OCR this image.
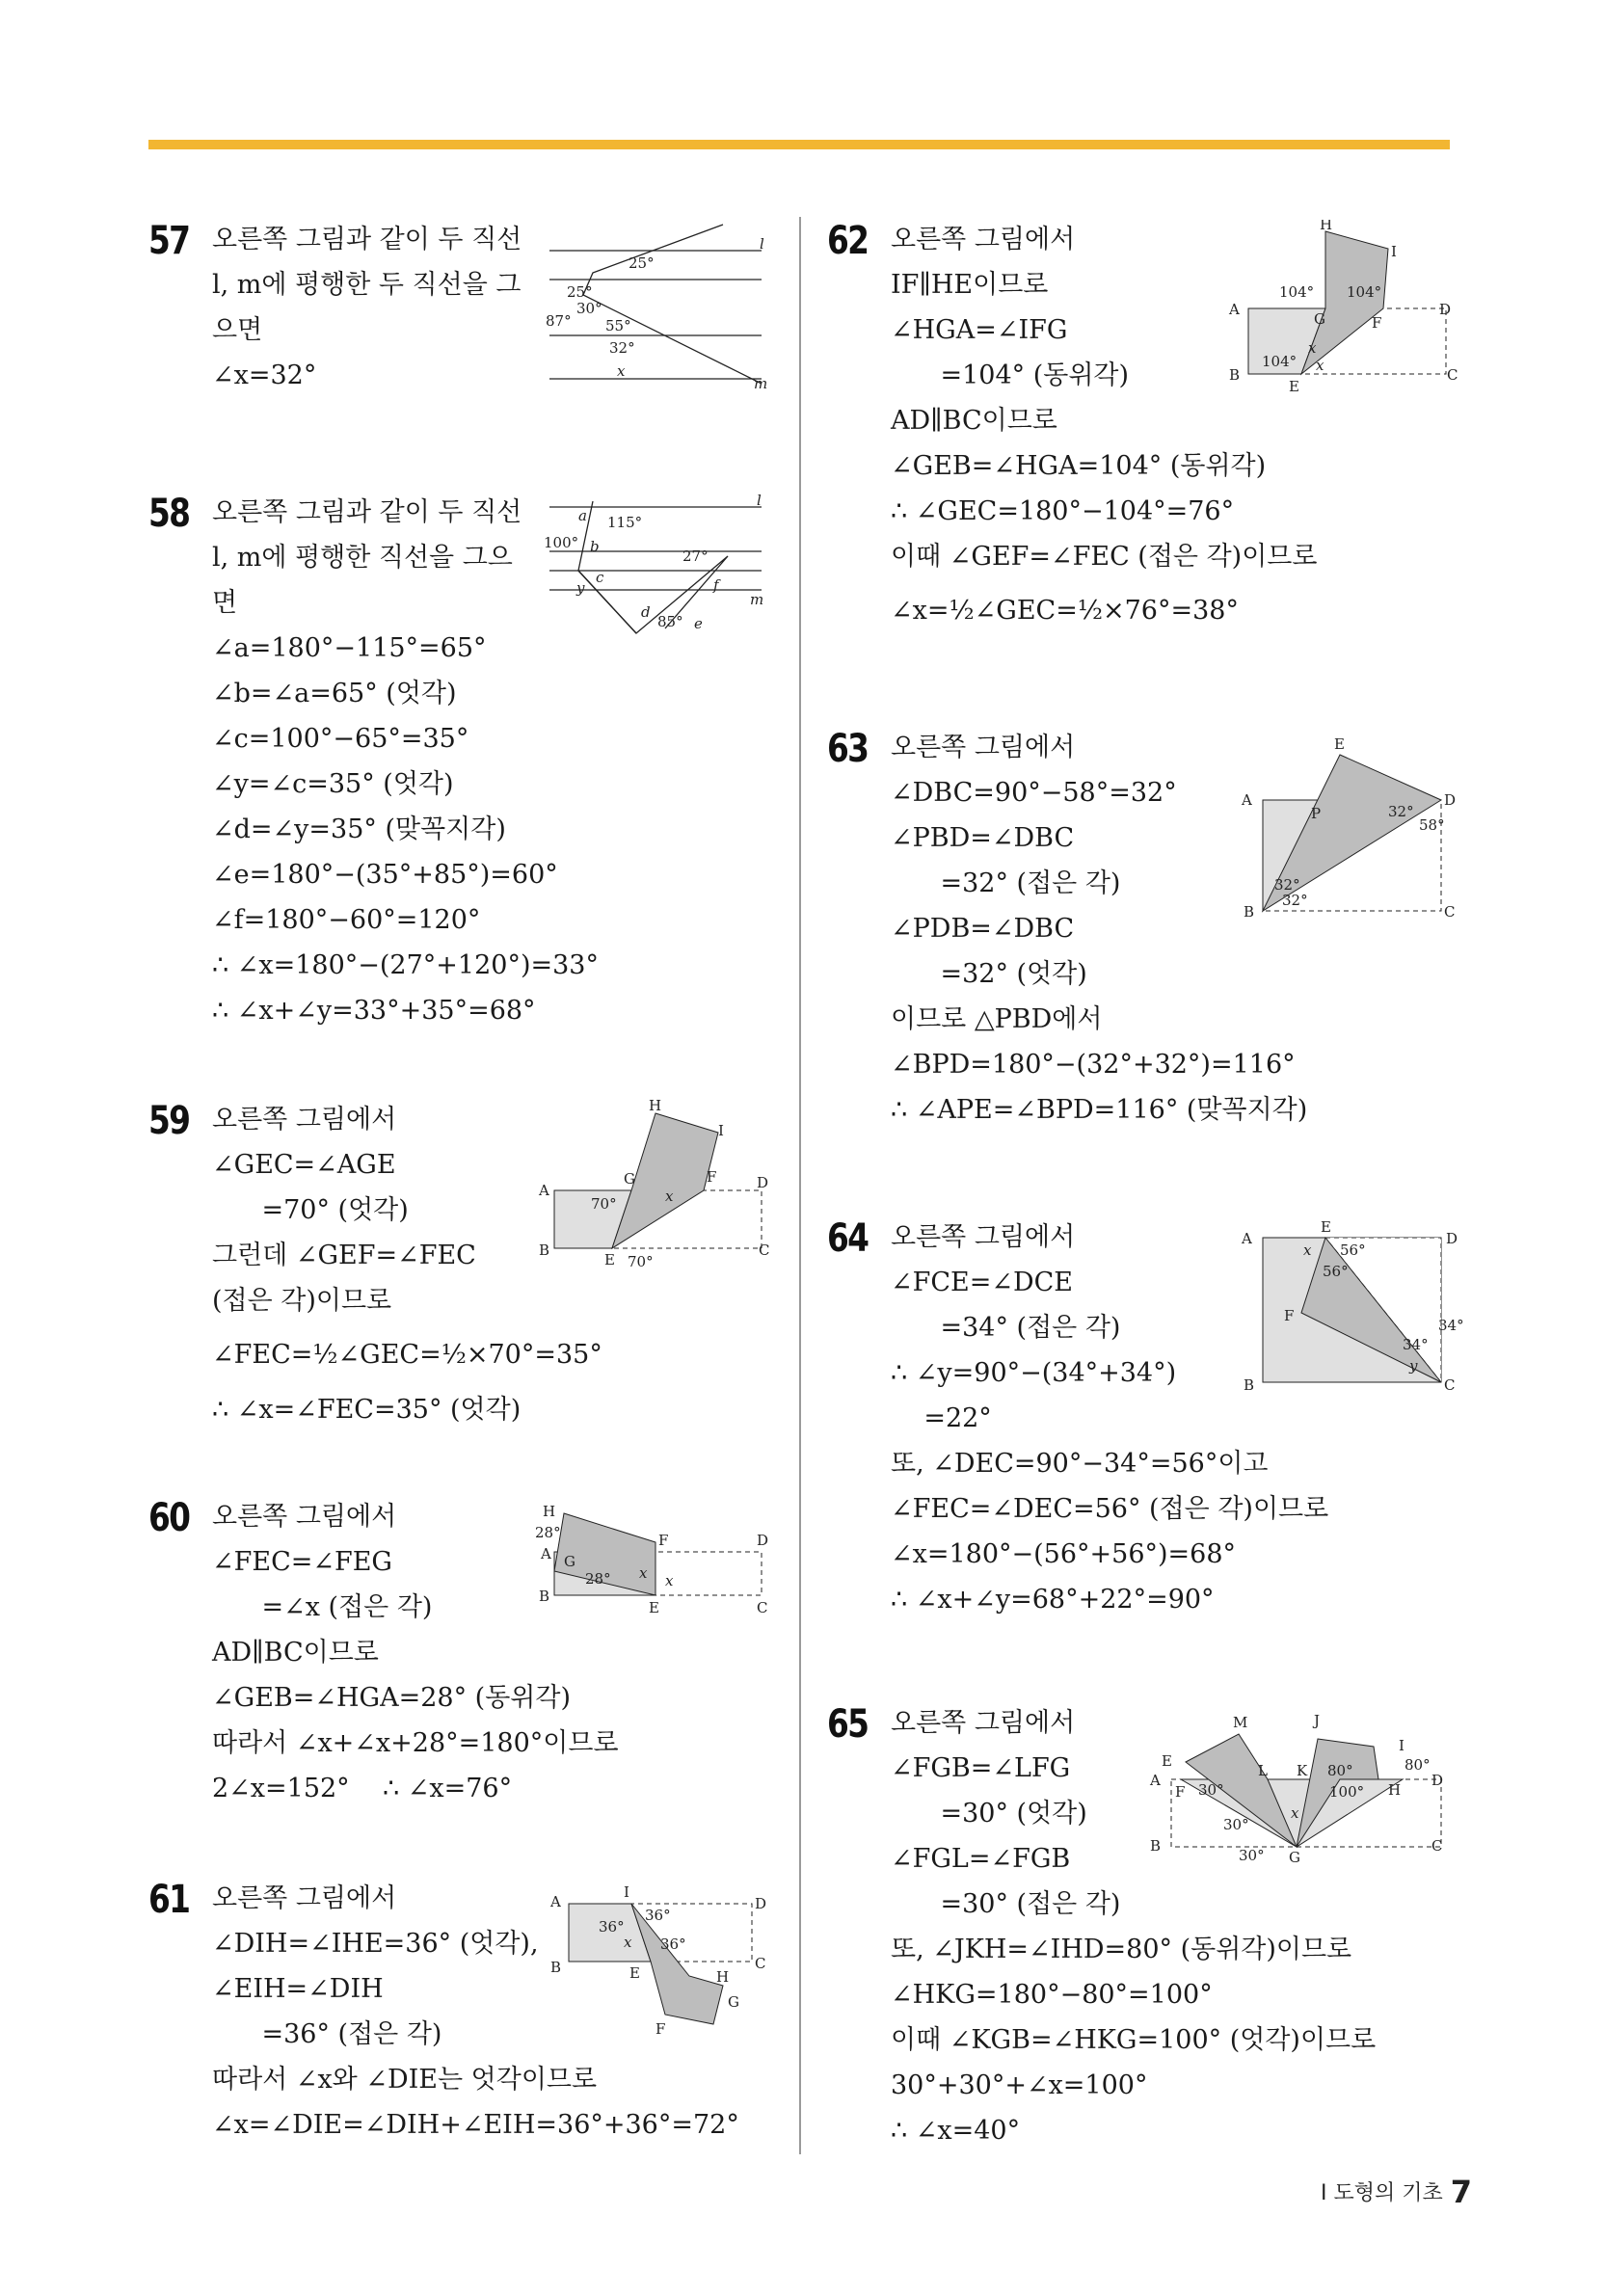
57 오른쪽 그림과 같이 두 직선
l, m에 평행한 두 직선을 그
으면
∠x=32°
l
m
25°
25°
30°
87° 55°
32°
x
58 오른쪽 그림과 같이 두 직선
l, m에 평행한 직선을 그으
면
∠a=180°−115°=65°
∠b=∠a=65° (엇각)
∠c=100°−65°=35°
∠y=∠c=35° (엇각)
∠d=∠y=35° (맞꼭지각)
∠e=180°−(35°+85°)=60°
∠f=180°−60°=120°
∴ ∠x=180°−(27°+120°)=33°
∴ ∠x+∠y=33°+35°=68°
l
m
a 115°
100° b
c
y
27°
f
d
85° e
59 오른쪽 그림에서
∠GEC=∠AGE
=70° (엇각)
그런데 ∠GEF=∠FEC
(접은 각)이므로
∠FEC=½∠GEC=½×70°=35°
∴ ∠x=∠FEC=35° (엇각)
H
I
G	F
A	D
70°	x
B
E
C
70°
60 오른쪽 그림에서
∠FEC=∠FEG
=∠x (접은 각)
AD∥BC이므로
∠GEB=∠HGA=28° (동위각)
따라서 ∠x+∠x+28°=180°이므로
2∠x=152°    ∴ ∠x=76°
H
28°
A
F	D
G
28° x x
B
E	C
61 오른쪽 그림에서
∠DIH=∠IHE=36° (엇각),
∠EIH=∠DIH
=36° (접은 각)
따라서 ∠x와 ∠DIE는 엇각이므로
∠x=∠DIE=∠DIH+∠EIH=36°+36°=72°
A
I
D
36°
36°
x 36°
B	C
E	H
G
F
62 오른쪽 그림에서
IF∥HE이므로
∠HGA=∠IFG
=104° (동위각)
AD∥BC이므로
∠GEB=∠HGA=104° (동위각)
∴ ∠GEC=180°−104°=76°
이때 ∠GEF=∠FEC (접은 각)이므로
∠x=½∠GEC=½×76°=38°
H
I
A
104° 104°
D
G	F
104°
x
x
B
E
C
63 오른쪽 그림에서
∠DBC=90°−58°=32°
∠PBD=∠DBC
=32° (접은 각)
∠PDB=∠DBC
=32° (엇각)
이므로 △PBD에서
∠BPD=180°−(32°+32°)=116°
∴ ∠APE=∠BPD=116° (맞꼭지각)
E
A	D
P	32°
58°
32°
32°
B	C
64 오른쪽 그림에서
∠FCE=∠DCE
=34° (접은 각)
∴ ∠y=90°−(34°+34°)
=22°
또, ∠DEC=90°−34°=56°이고
∠FEC=∠DEC=56° (접은 각)이므로
∠x=180°−(56°+56°)=68°
∴ ∠x+∠y=68°+22°=90°
A
E
D
x 56°
56°
F
34°
34°
y
B	C
65 오른쪽 그림에서
∠FGB=∠LFG
=30° (엇각)
∠FGL=∠FGB
=30° (접은 각)
또, ∠JKH=∠IHD=80° (동위각)이므로
∠HKG=180°−80°=100°
이때 ∠KGB=∠HKG=100° (엇각)이므로
30°+30°+∠x=100°
∴ ∠x=40°
M	J
I
E	80°
A
L K 80°
D
F 30°	100° H
x
30°
B
30° G
C
I 도형의 기초 7
